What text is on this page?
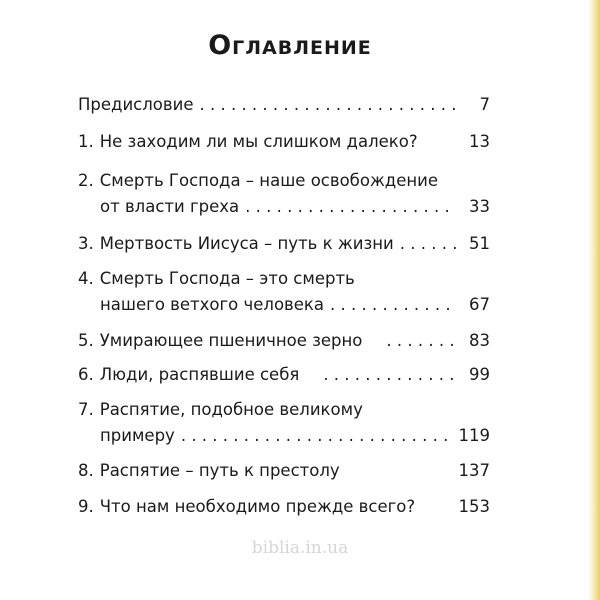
Оглавление
Предисловие . . .	7
1. Не заходим ли мы слишком далеко?	13
2. Смерть Господа – наше освобождение
от власти греха . . .	33
3. Мертвость Иисуса – путь к жизни . . .	51
4. Смерть Господа – это смерть
нашего ветхого человека . . .	67
5. Умирающее пшеничное зерно . . .	83
6. Люди, распявшие себя . . .	99
7. Распятие, подобное великому
примеру . . .	119
8. Распятие – путь к престолу	137
9. Что нам необходимо прежде всего?	153
biblia.in.ua
